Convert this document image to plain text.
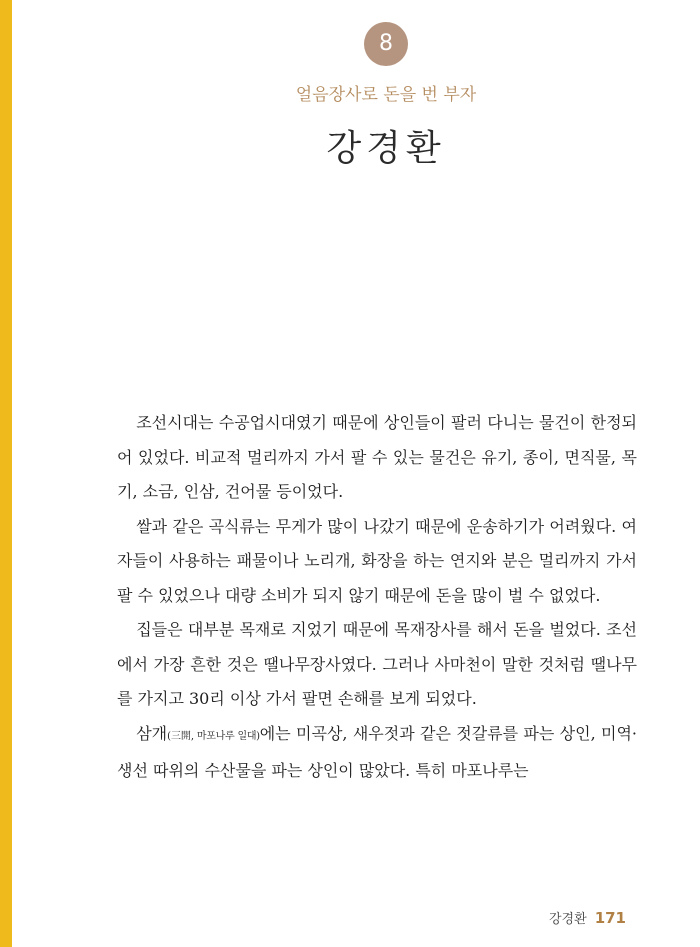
8
얼음장사로 돈을 번 부자
강경환

조선시대는 수공업시대였기 때문에 상인들이 팔러 다니는 물건이 한정되어 있었다. 비교적 멀리까지 가서 팔 수 있는 물건은 유기, 종이, 면직물, 목기, 소금, 인삼, 건어물 등이었다.

쌀과 같은 곡식류는 무게가 많이 나갔기 때문에 운송하기가 어려웠다. 여자들이 사용하는 패물이나 노리개, 화장을 하는 연지와 분은 멀리까지 가서 팔 수 있었으나 대량 소비가 되지 않기 때문에 돈을 많이 벌 수 없었다.

집들은 대부분 목재로 지었기 때문에 목재장사를 해서 돈을 벌었다. 조선에서 가장 흔한 것은 땔나무장사였다. 그러나 사마천이 말한 것처럼 땔나무를 가지고 30리 이상 가서 팔면 손해를 보게 되었다.

삼개(三開, 마포나루 일대)에는 미곡상, 새우젓과 같은 젓갈류를 파는 상인, 미역·생선 따위의 수산물을 파는 상인이 많았다. 특히 마포나루는

강경환 171
